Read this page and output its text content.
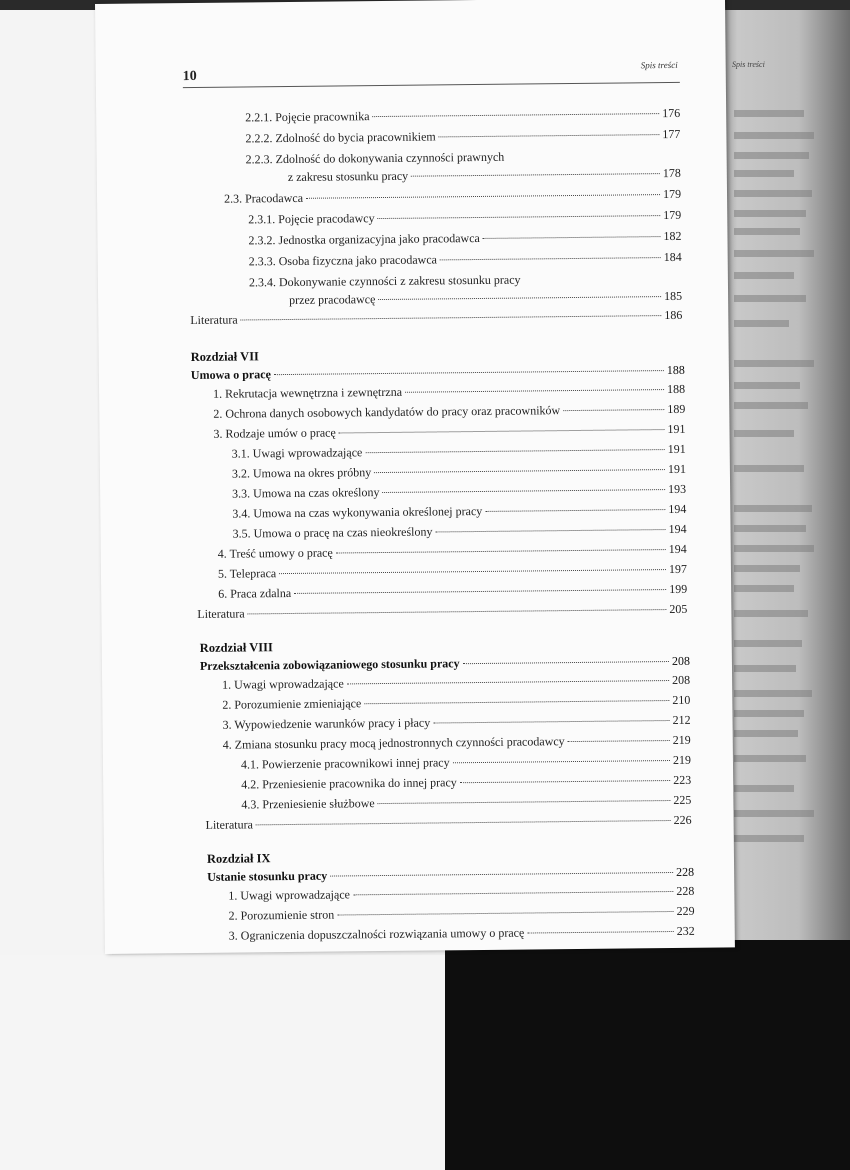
Spis treści
10
Spis treści
2.2.1. Pojęcie pracownika	176
2.2.2. Zdolność do bycia pracownikiem	177
2.2.3. Zdolność do dokonywania czynności prawnych
z zakresu stosunku pracy	178
2.3. Pracodawca	179
2.3.1. Pojęcie pracodawcy	179
2.3.2. Jednostka organizacyjna jako pracodawca	182
2.3.3. Osoba fizyczna jako pracodawca	184
2.3.4. Dokonywanie czynności z zakresu stosunku pracy
przez pracodawcę	185
Literatura	186
Rozdział VII
Umowa o pracę	188
1. Rekrutacja wewnętrzna i zewnętrzna	188
2. Ochrona danych osobowych kandydatów do pracy oraz pracowników	189
3. Rodzaje umów o pracę	191
3.1. Uwagi wprowadzające	191
3.2. Umowa na okres próbny	191
3.3. Umowa na czas określony	193
3.4. Umowa na czas wykonywania określonej pracy	194
3.5. Umowa o pracę na czas nieokreślony	194
4. Treść umowy o pracę	194
5. Telepraca	197
6. Praca zdalna	199
Literatura	205
Rozdział VIII
Przekształcenia zobowiązaniowego stosunku pracy	208
1. Uwagi wprowadzające	208
2. Porozumienie zmieniające	210
3. Wypowiedzenie warunków pracy i płacy	212
4. Zmiana stosunku pracy mocą jednostronnych czynności pracodawcy	219
4.1. Powierzenie pracownikowi innej pracy	219
4.2. Przeniesienie pracownika do innej pracy	223
4.3. Przeniesienie służbowe	225
Literatura	226
Rozdział IX
Ustanie stosunku pracy	228
1. Uwagi wprowadzające	228
2. Porozumienie stron	229
3. Ograniczenia dopuszczalności rozwiązania umowy o pracę	232
